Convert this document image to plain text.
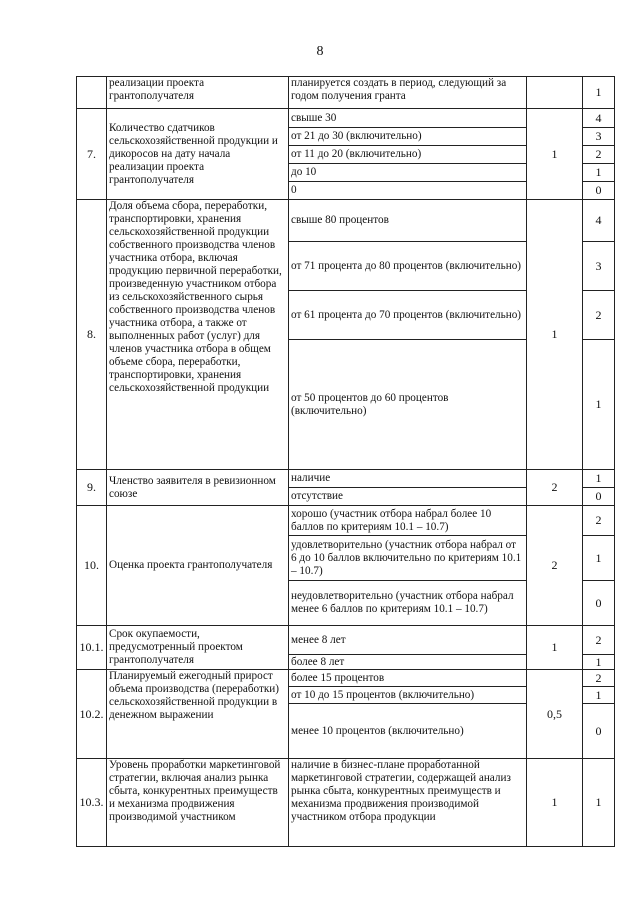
8
	реализации проекта грантополучателя	планируется создать в период, следующий за годом получения гранта		1
7.	Количество сдатчиков сельскохозяйственной продукции и дикоросов на дату начала реализации проекта грантополучателя	свыше 30	1	4
		от 21 до 30 (включительно)		3
		от 11 до 20 (включительно)		2
		до 10		1
		0		0
8.	Доля объема сбора, переработки, транспортировки, хранения сельскохозяйственной продукции собственного производства членов участника отбора, включая продукцию первичной переработки, произведенную участником отбора из сельскохозяйственного сырья собственного производства членов участника отбора, а также от выполненных работ (услуг) для членов участника отбора в общем объеме сбора, переработки, транспортировки, хранения сельскохозяйственной продукции	свыше 80 процентов	1	4
		от 71 процента до 80 процентов (включительно)		3
		от 61 процента до 70 процентов (включительно)		2
		от 50 процентов до 60 процентов (включительно)		1
9.	Членство заявителя в ревизионном союзе	наличие	2	1
		отсутствие		0
10.	Оценка проекта грантополучателя	хорошо (участник отбора набрал более 10 баллов по критериям 10.1 – 10.7)	2	2
		удовлетворительно (участник отбора набрал от 6 до 10 баллов включительно по критериям 10.1 – 10.7)		1
		неудовлетворительно (участник отбора набрал менее 6 баллов по критериям 10.1 – 10.7)		0
10.1.	Срок окупаемости, предусмотренный проектом грантополучателя	менее 8 лет	1	2
		более 8 лет		1
10.2.	Планируемый ежегодный прирост объема производства (переработки) сельскохозяйственной продукции в денежном выражении	более 15 процентов	0,5	2
		от 10 до 15 процентов (включительно)		1
		менее 10 процентов (включительно)		0
10.3.	Уровень проработки маркетинговой стратегии, включая анализ рынка сбыта, конкурентных преимуществ и механизма продвижения производимой участником	наличие в бизнес-плане проработанной маркетинговой стратегии, содержащей анализ рынка сбыта, конкурентных преимуществ и механизма продвижения производимой участником отбора продукции	1	1
